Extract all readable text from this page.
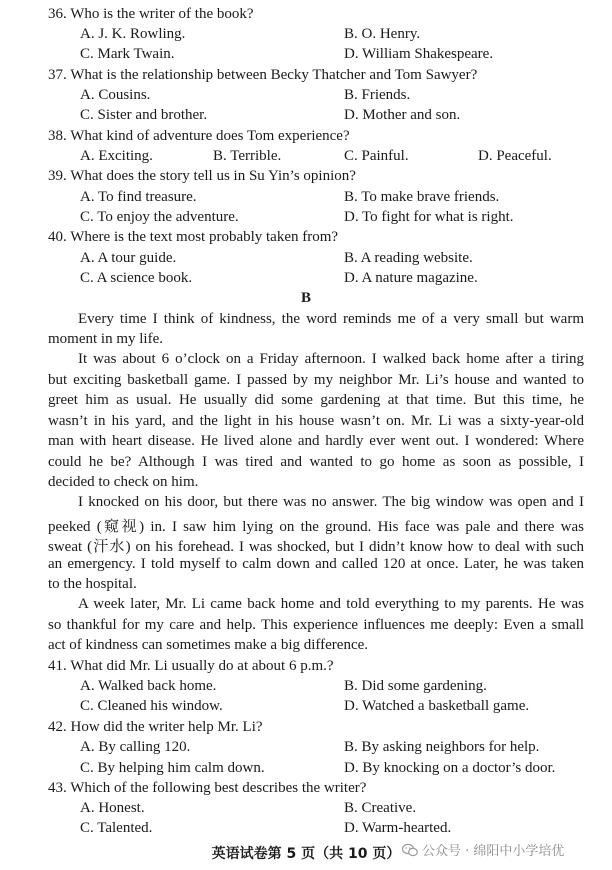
36. Who is the writer of the book?
A. J. K. Rowling.	B. O. Henry.
C. Mark Twain.	D. William Shakespeare.
37. What is the relationship between Becky Thatcher and Tom Sawyer?
A. Cousins.	B. Friends.
C. Sister and brother.	D. Mother and son.
38. What kind of adventure does Tom experience?
A. Exciting.	B. Terrible.	C. Painful.	D. Peaceful.
39. What does the story tell us in Su Yin’s opinion?
A. To find treasure.	B. To make brave friends.
C. To enjoy the adventure.	D. To fight for what is right.
40. Where is the text most probably taken from?
A. A tour guide.	B. A reading website.
C. A science book.	D. A nature magazine.
B
Every time I think of kindness, the word reminds me of a very small but warm
moment in my life.
It was about 6 o’clock on a Friday afternoon. I walked back home after a tiring
but exciting basketball game. I passed by my neighbor Mr. Li’s house and wanted to
greet him as usual. He usually did some gardening at that time. But this time, he
wasn’t in his yard, and the light in his house wasn’t on. Mr. Li was a sixty-year-old
man with heart disease. He lived alone and hardly ever went out. I wondered: Where
could he be? Although I was tired and wanted to go home as soon as possible, I
decided to check on him.
I knocked on his door, but there was no answer. The big window was open and I
peeked (窥视) in. I saw him lying on the ground. His face was pale and there was
sweat (汗水) on his forehead. I was shocked, but I didn’t know how to deal with such
an emergency. I told myself to calm down and called 120 at once. Later, he was taken
to the hospital.
A week later, Mr. Li came back home and told everything to my parents. He was
so thankful for my care and help. This experience influences me deeply: Even a small
act of kindness can sometimes make a big difference.
41. What did Mr. Li usually do at about 6 p.m.?
A. Walked back home.	B. Did some gardening.
C. Cleaned his window.	D. Watched a basketball game.
42. How did the writer help Mr. Li?
A. By calling 120.	B. By asking neighbors for help.
C. By helping him calm down.	D. By knocking on a doctor’s door.
43. Which of the following best describes the writer?
A. Honest.	B. Creative.
C. Talented.	D. Warm-hearted.
英语试卷第 5 页（共 10 页）	公众号 · 绵阳中小学培优
